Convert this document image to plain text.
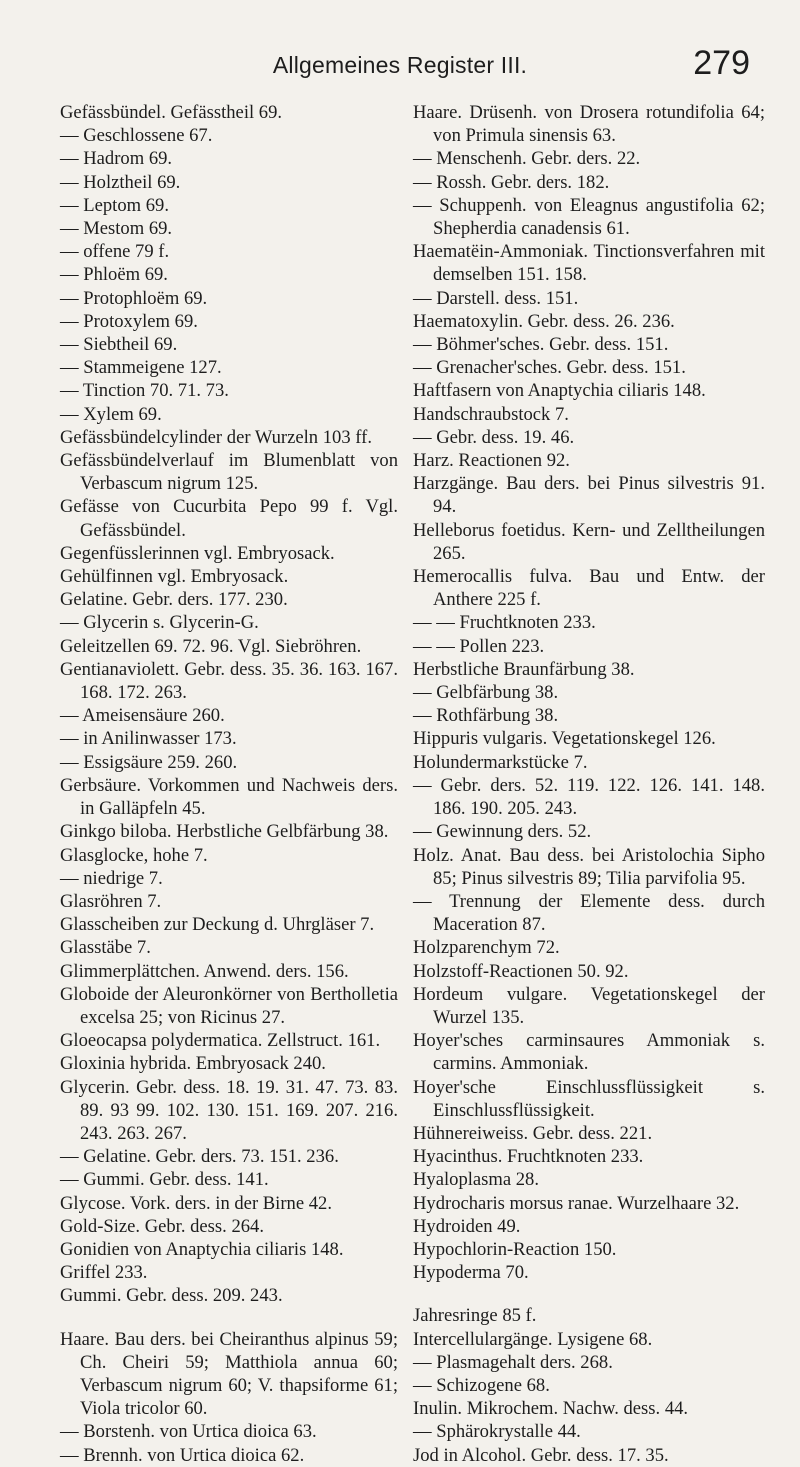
Allgemeines Register III.	279

Gefässbündel. Gefässtheil 69.

— Geschlossene 67.

— Hadrom 69.

— Holztheil 69.

— Leptom 69.

— Mestom 69.

— offene 79 f.

— Phloëm 69.

— Protophloëm 69.

— Protoxylem 69.

— Siebtheil 69.

— Stammeigene 127.

— Tinction 70. 71. 73.

— Xylem 69.

Gefässbündelcylinder der Wurzeln 103 ff.

Gefässbündelverlauf im Blumenblatt von Verbascum nigrum 125.

Gefässe von Cucurbita Pepo 99 f. Vgl. Gefässbündel.

Gegenfüsslerinnen vgl. Embryosack.

Gehülfinnen vgl. Embryosack.

Gelatine. Gebr. ders. 177. 230.

— Glycerin s. Glycerin-G.

Geleitzellen 69. 72. 96. Vgl. Siebröhren.

Gentianaviolett. Gebr. dess. 35. 36. 163. 167. 168. 172. 263.

— Ameisensäure 260.

— in Anilinwasser 173.

— Essigsäure 259. 260.

Gerbsäure. Vorkommen und Nachweis ders. in Galläpfeln 45.

Ginkgo biloba. Herbstliche Gelbfärbung 38.

Glasglocke, hohe 7.

— niedrige 7.

Glasröhren 7.

Glasscheiben zur Deckung d. Uhrgläser 7.

Glasstäbe 7.

Glimmerplättchen. Anwend. ders. 156.

Globoide der Aleuronkörner von Bertholletia excelsa 25; von Ricinus 27.

Gloeocapsa polydermatica. Zellstruct. 161.

Gloxinia hybrida. Embryosack 240.

Glycerin. Gebr. dess. 18. 19. 31. 47. 73. 83. 89. 93 99. 102. 130. 151. 169. 207. 216. 243. 263. 267.

— Gelatine. Gebr. ders. 73. 151. 236.

— Gummi. Gebr. dess. 141.

Glycose. Vork. ders. in der Birne 42.

Gold-Size. Gebr. dess. 264.

Gonidien von Anaptychia ciliaris 148.

Griffel 233.

Gummi. Gebr. dess. 209. 243.

Haare. Bau ders. bei Cheiranthus alpinus 59; Ch. Cheiri 59; Matthiola annua 60; Verbascum nigrum 60; V. thapsiforme 61; Viola tricolor 60.

— Borstenh. von Urtica dioica 63.

— Brennh. von Urtica dioica 62.

Haare. Drüsenh. von Drosera rotundifolia 64; von Primula sinensis 63.

— Menschenh. Gebr. ders. 22.

— Rossh. Gebr. ders. 182.

— Schuppenh. von Eleagnus angustifolia 62; Shepherdia canadensis 61.

Haematëin-Ammoniak. Tinctionsverfahren mit demselben 151. 158.

— Darstell. dess. 151.

Haematoxylin. Gebr. dess. 26. 236.

— Böhmer'sches. Gebr. dess. 151.

— Grenacher'sches. Gebr. dess. 151.

Haftfasern von Anaptychia ciliaris 148.

Handschraubstock 7.

— Gebr. dess. 19. 46.

Harz. Reactionen 92.

Harzgänge. Bau ders. bei Pinus silvestris 91. 94.

Helleborus foetidus. Kern- und Zelltheilungen 265.

Hemerocallis fulva. Bau und Entw. der Anthere 225 f.

— — Fruchtknoten 233.

— — Pollen 223.

Herbstliche Braunfärbung 38.

— Gelbfärbung 38.

— Rothfärbung 38.

Hippuris vulgaris. Vegetationskegel 126.

Holundermarkstücke 7.

— Gebr. ders. 52. 119. 122. 126. 141. 148. 186. 190. 205. 243.

— Gewinnung ders. 52.

Holz. Anat. Bau dess. bei Aristolochia Sipho 85; Pinus silvestris 89; Tilia parvifolia 95.

— Trennung der Elemente dess. durch Maceration 87.

Holzparenchym 72.

Holzstoff-Reactionen 50. 92.

Hordeum vulgare. Vegetationskegel der Wurzel 135.

Hoyer'sches carminsaures Ammoniak s. carmins. Ammoniak.

Hoyer'sche Einschlussflüssigkeit s. Einschlussflüssigkeit.

Hühnereiweiss. Gebr. dess. 221.

Hyacinthus. Fruchtknoten 233.

Hyaloplasma 28.

Hydrocharis morsus ranae. Wurzelhaare 32.

Hydroiden 49.

Hypochlorin-Reaction 150.

Hypoderma 70.

Jahresringe 85 f.

Intercellulargänge. Lysigene 68.

— Plasmagehalt ders. 268.

— Schizogene 68.

Inulin. Mikrochem. Nachw. dess. 44.

— Sphärokrystalle 44.

Jod in Alcohol. Gebr. dess. 17. 35.
